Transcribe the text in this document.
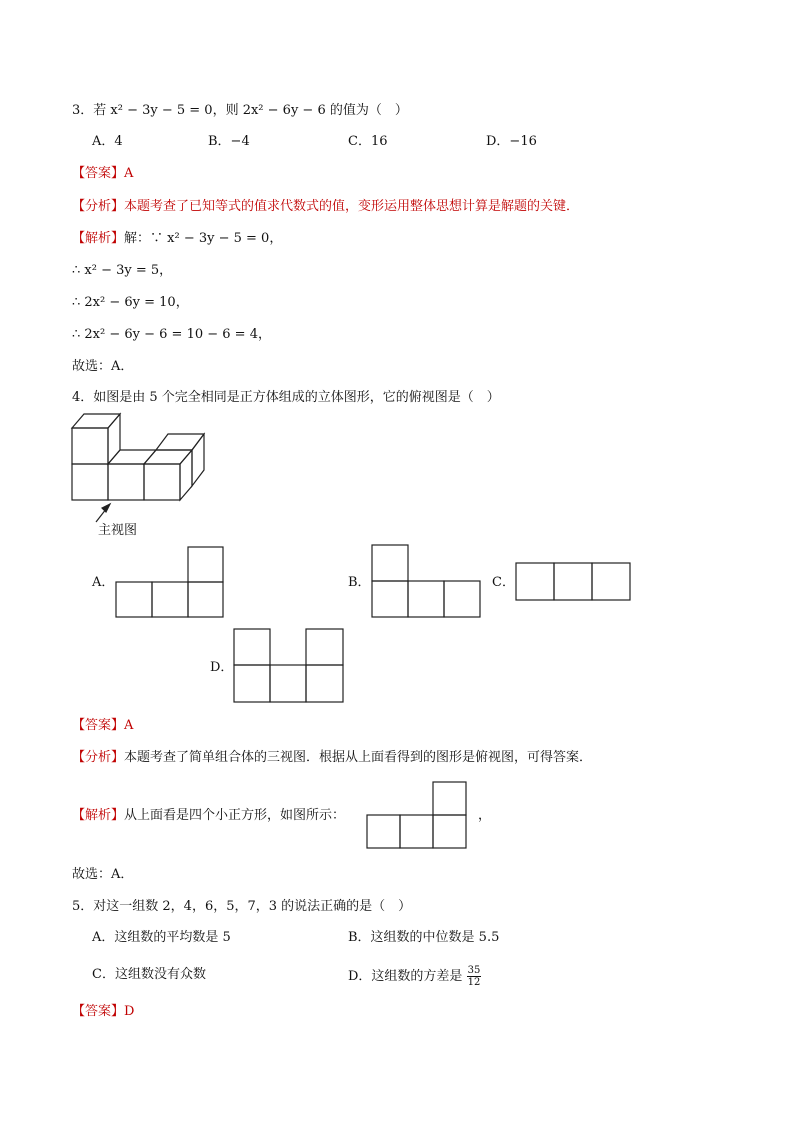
3．若 x² − 3y − 5 = 0，则 2x² − 6y − 6 的值为（　）
A．4	B．−4	C．16	D．−16
【答案】A
【分析】本题考查了已知等式的值求代数式的值，变形运用整体思想计算是解题的关键．
【解析】解：∵ x² − 3y − 5 = 0，
∴ x² − 3y = 5，
∴ 2x² − 6y = 10，
∴ 2x² − 6y − 6 = 10 − 6 = 4，
故选：A．
4．如图是由 5 个完全相同是正方体组成的立体图形，它的俯视图是（　）
主视图
A．	B．	C．
D．
【答案】A
【分析】本题考查了简单组合体的三视图．根据从上面看得到的图形是俯视图，可得答案．
【解析】从上面看是四个小正方形，如图所示：	，
故选：A．
5．对这一组数 2，4，6，5，7，3 的说法正确的是（　）
A．这组数的平均数是 5	B．这组数的中位数是 5.5
C．这组数没有众数	D．这组数的方差是 $\frac{35}{12}$
【答案】D
